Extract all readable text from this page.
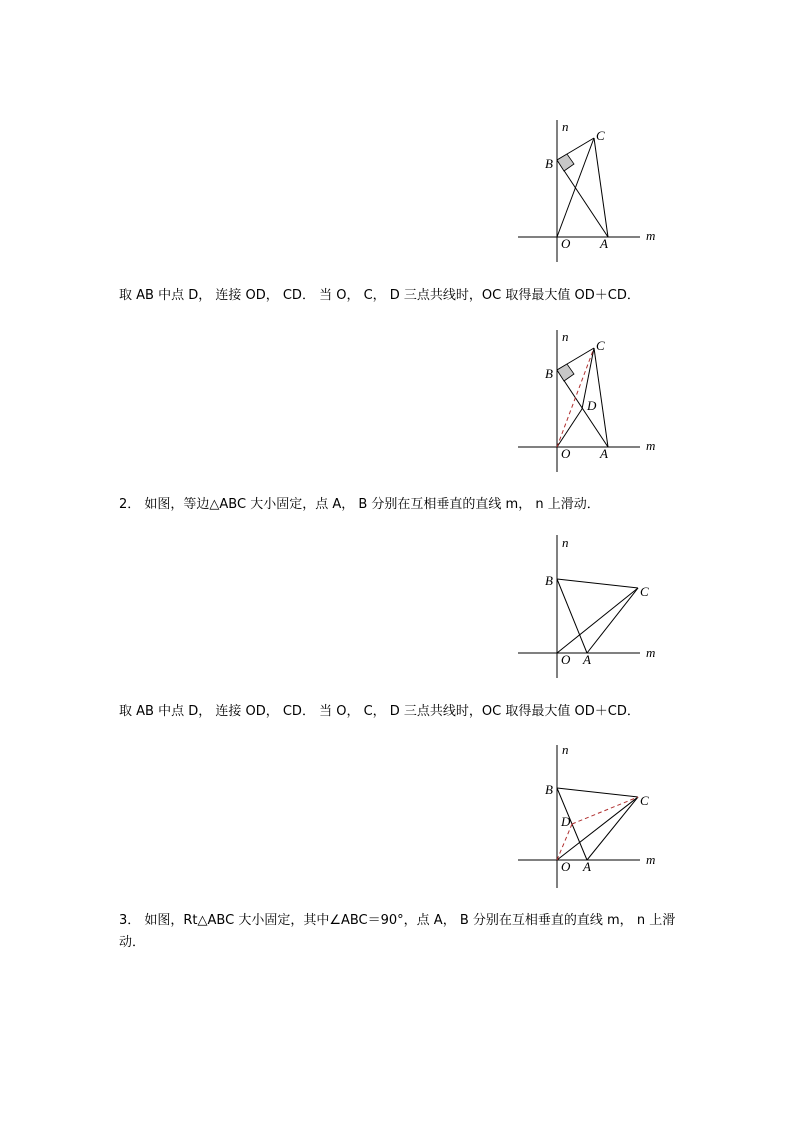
n
C
B
O A
m
取 AB 中点 D， 连接 OD， CD． 当 O， C， D 三点共线时，OC 取得最大值 OD＋CD．
n
C
B
D
O A
m
2． 如图，等边△ABC 大小固定，点 A， B 分别在互相垂直的直线 m， n 上滑动．
n
B
C
O A	m
取 AB 中点 D， 连接 OD， CD． 当 O， C， D 三点共线时，OC 取得最大值 OD＋CD．
n
B
C
D
O A	m
3． 如图，Rt△ABC 大小固定，其中∠ABC＝90°，点 A， B 分别在互相垂直的直线 m， n 上滑动．
